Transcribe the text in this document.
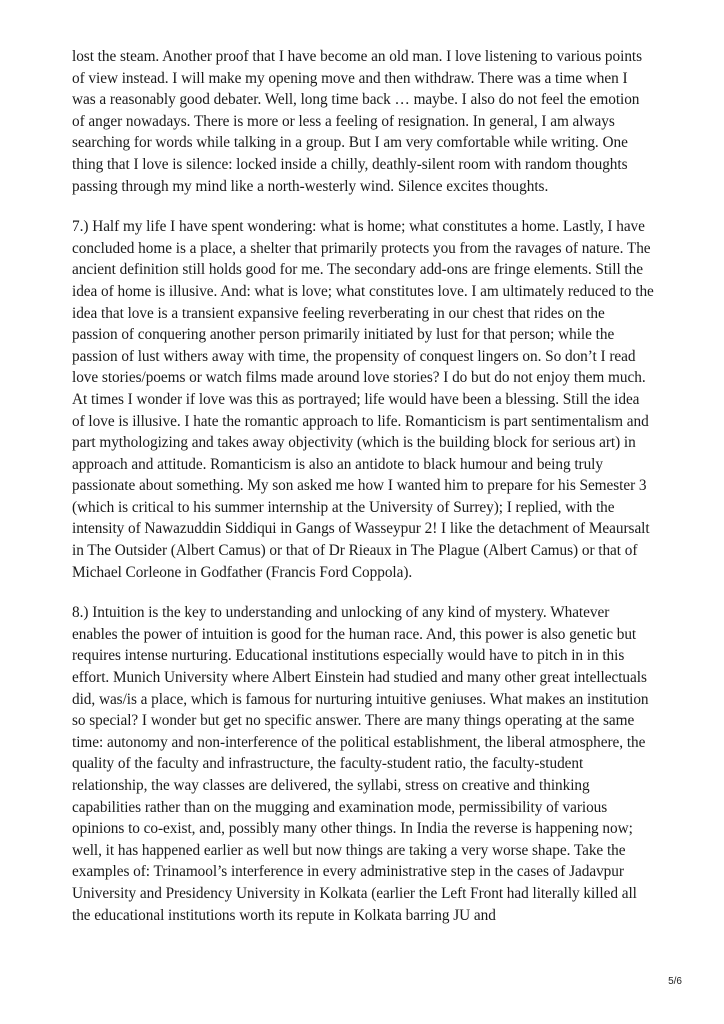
lost the steam. Another proof that I have become an old man. I love listening to various points of view instead. I will make my opening move and then withdraw. There was a time when I was a reasonably good debater. Well, long time back … maybe. I also do not feel the emotion of anger nowadays. There is more or less a feeling of resignation. In general, I am always searching for words while talking in a group. But I am very comfortable while writing. One thing that I love is silence: locked inside a chilly, deathly-silent room with random thoughts passing through my mind like a north-westerly wind. Silence excites thoughts.

7.) Half my life I have spent wondering: what is home; what constitutes a home. Lastly, I have concluded home is a place, a shelter that primarily protects you from the ravages of nature. The ancient definition still holds good for me. The secondary add-ons are fringe elements. Still the idea of home is illusive. And: what is love; what constitutes love. I am ultimately reduced to the idea that love is a transient expansive feeling reverberating in our chest that rides on the passion of conquering another person primarily initiated by lust for that person; while the passion of lust withers away with time, the propensity of conquest lingers on. So don’t I read love stories/poems or watch films made around love stories? I do but do not enjoy them much. At times I wonder if love was this as portrayed; life would have been a blessing. Still the idea of love is illusive. I hate the romantic approach to life. Romanticism is part sentimentalism and part mythologizing and takes away objectivity (which is the building block for serious art) in approach and attitude. Romanticism is also an antidote to black humour and being truly passionate about something. My son asked me how I wanted him to prepare for his Semester 3 (which is critical to his summer internship at the University of Surrey); I replied, with the intensity of Nawazuddin Siddiqui in Gangs of Wasseypur 2! I like the detachment of Meaursalt in The Outsider (Albert Camus) or that of Dr Rieaux in The Plague (Albert Camus) or that of Michael Corleone in Godfather (Francis Ford Coppola).

8.) Intuition is the key to understanding and unlocking of any kind of mystery. Whatever enables the power of intuition is good for the human race. And, this power is also genetic but requires intense nurturing. Educational institutions especially would have to pitch in in this effort. Munich University where Albert Einstein had studied and many other great intellectuals did, was/is a place, which is famous for nurturing intuitive geniuses. What makes an institution so special? I wonder but get no specific answer. There are many things operating at the same time: autonomy and non-interference of the political establishment, the liberal atmosphere, the quality of the faculty and infrastructure, the faculty-student ratio, the faculty-student relationship, the way classes are delivered, the syllabi, stress on creative and thinking capabilities rather than on the mugging and examination mode, permissibility of various opinions to co-exist, and, possibly many other things. In India the reverse is happening now; well, it has happened earlier as well but now things are taking a very worse shape. Take the examples of: Trinamool’s interference in every administrative step in the cases of Jadavpur University and Presidency University in Kolkata (earlier the Left Front had literally killed all the educational institutions worth its repute in Kolkata barring JU and

5/6
